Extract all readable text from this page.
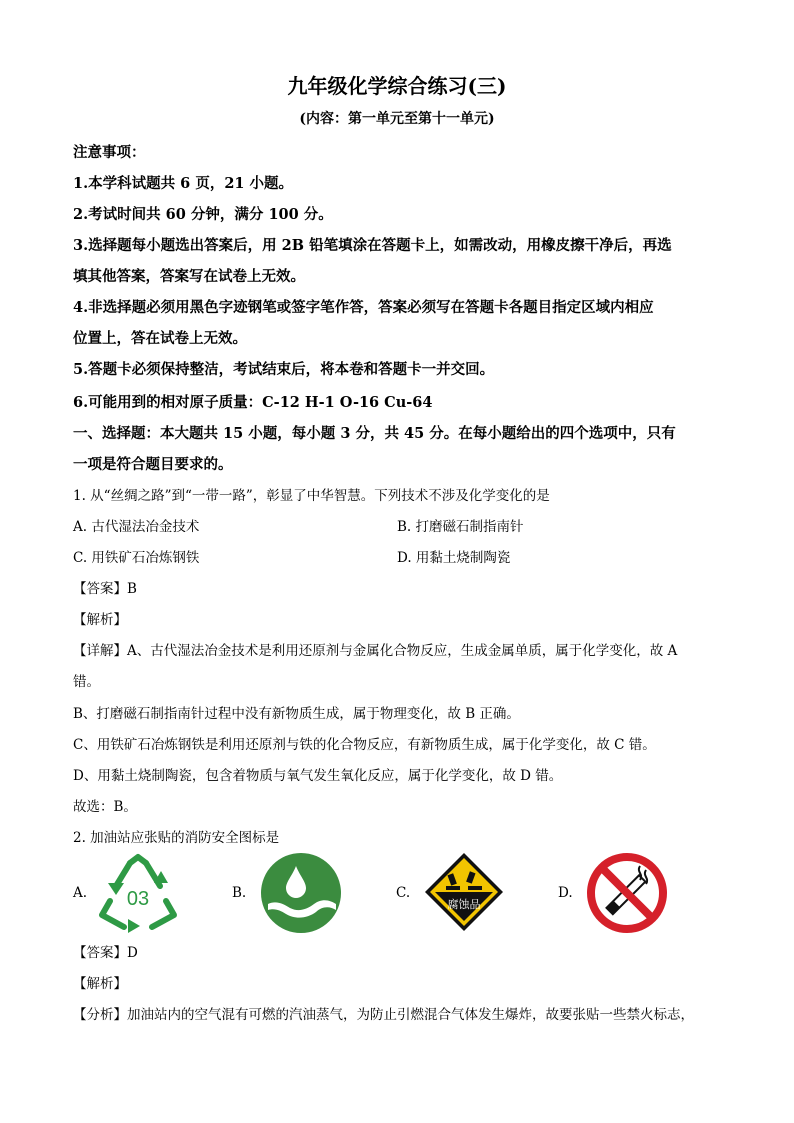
九年级化学综合练习(三)
(内容：第一单元至第十一单元)
注意事项：
1.本学科试题共 6 页，21 小题。
2.考试时间共 60 分钟，满分 100 分。
3.选择题每小题选出答案后，用 2B 铅笔填涂在答题卡上，如需改动，用橡皮擦干净后，再选
填其他答案，答案写在试卷上无效。
4.非选择题必须用黑色字迹钢笔或签字笔作答，答案必须写在答题卡各题目指定区域内相应
位置上，答在试卷上无效。
5.答题卡必须保持整洁，考试结束后，将本卷和答题卡一并交回。
6.可能用到的相对原子质量：C-12 H-1 O-16 Cu-64
一、选择题：本大题共 15 小题，每小题 3 分，共 45 分。在每小题给出的四个选项中，只有
一项是符合题目要求的。
1. 从“丝绸之路”到“一带一路”，彰显了中华智慧。下列技术不涉及化学变化的是
A. 古代湿法冶金技术	B. 打磨磁石制指南针
C. 用铁矿石冶炼钢铁	D. 用黏土烧制陶瓷
【答案】B
【解析】
【详解】A、古代湿法冶金技术是利用还原剂与金属化合物反应，生成金属单质，属于化学变化，故 A
错。
B、打磨磁石制指南针过程中没有新物质生成，属于物理变化，故 B 正确。
C、用铁矿石冶炼钢铁是利用还原剂与铁的化合物反应，有新物质生成，属于化学变化，故 C 错。
D、用黏土烧制陶瓷，包含着物质与氧气发生氧化反应，属于化学变化，故 D 错。
故选：B。
2. 加油站应张贴的消防安全图标是
A.	B.	C.	D.
03	腐蚀品
【答案】D
【解析】
【分析】加油站内的空气混有可燃的汽油蒸气，为防止引燃混合气体发生爆炸，故要张贴一些禁火标志，
